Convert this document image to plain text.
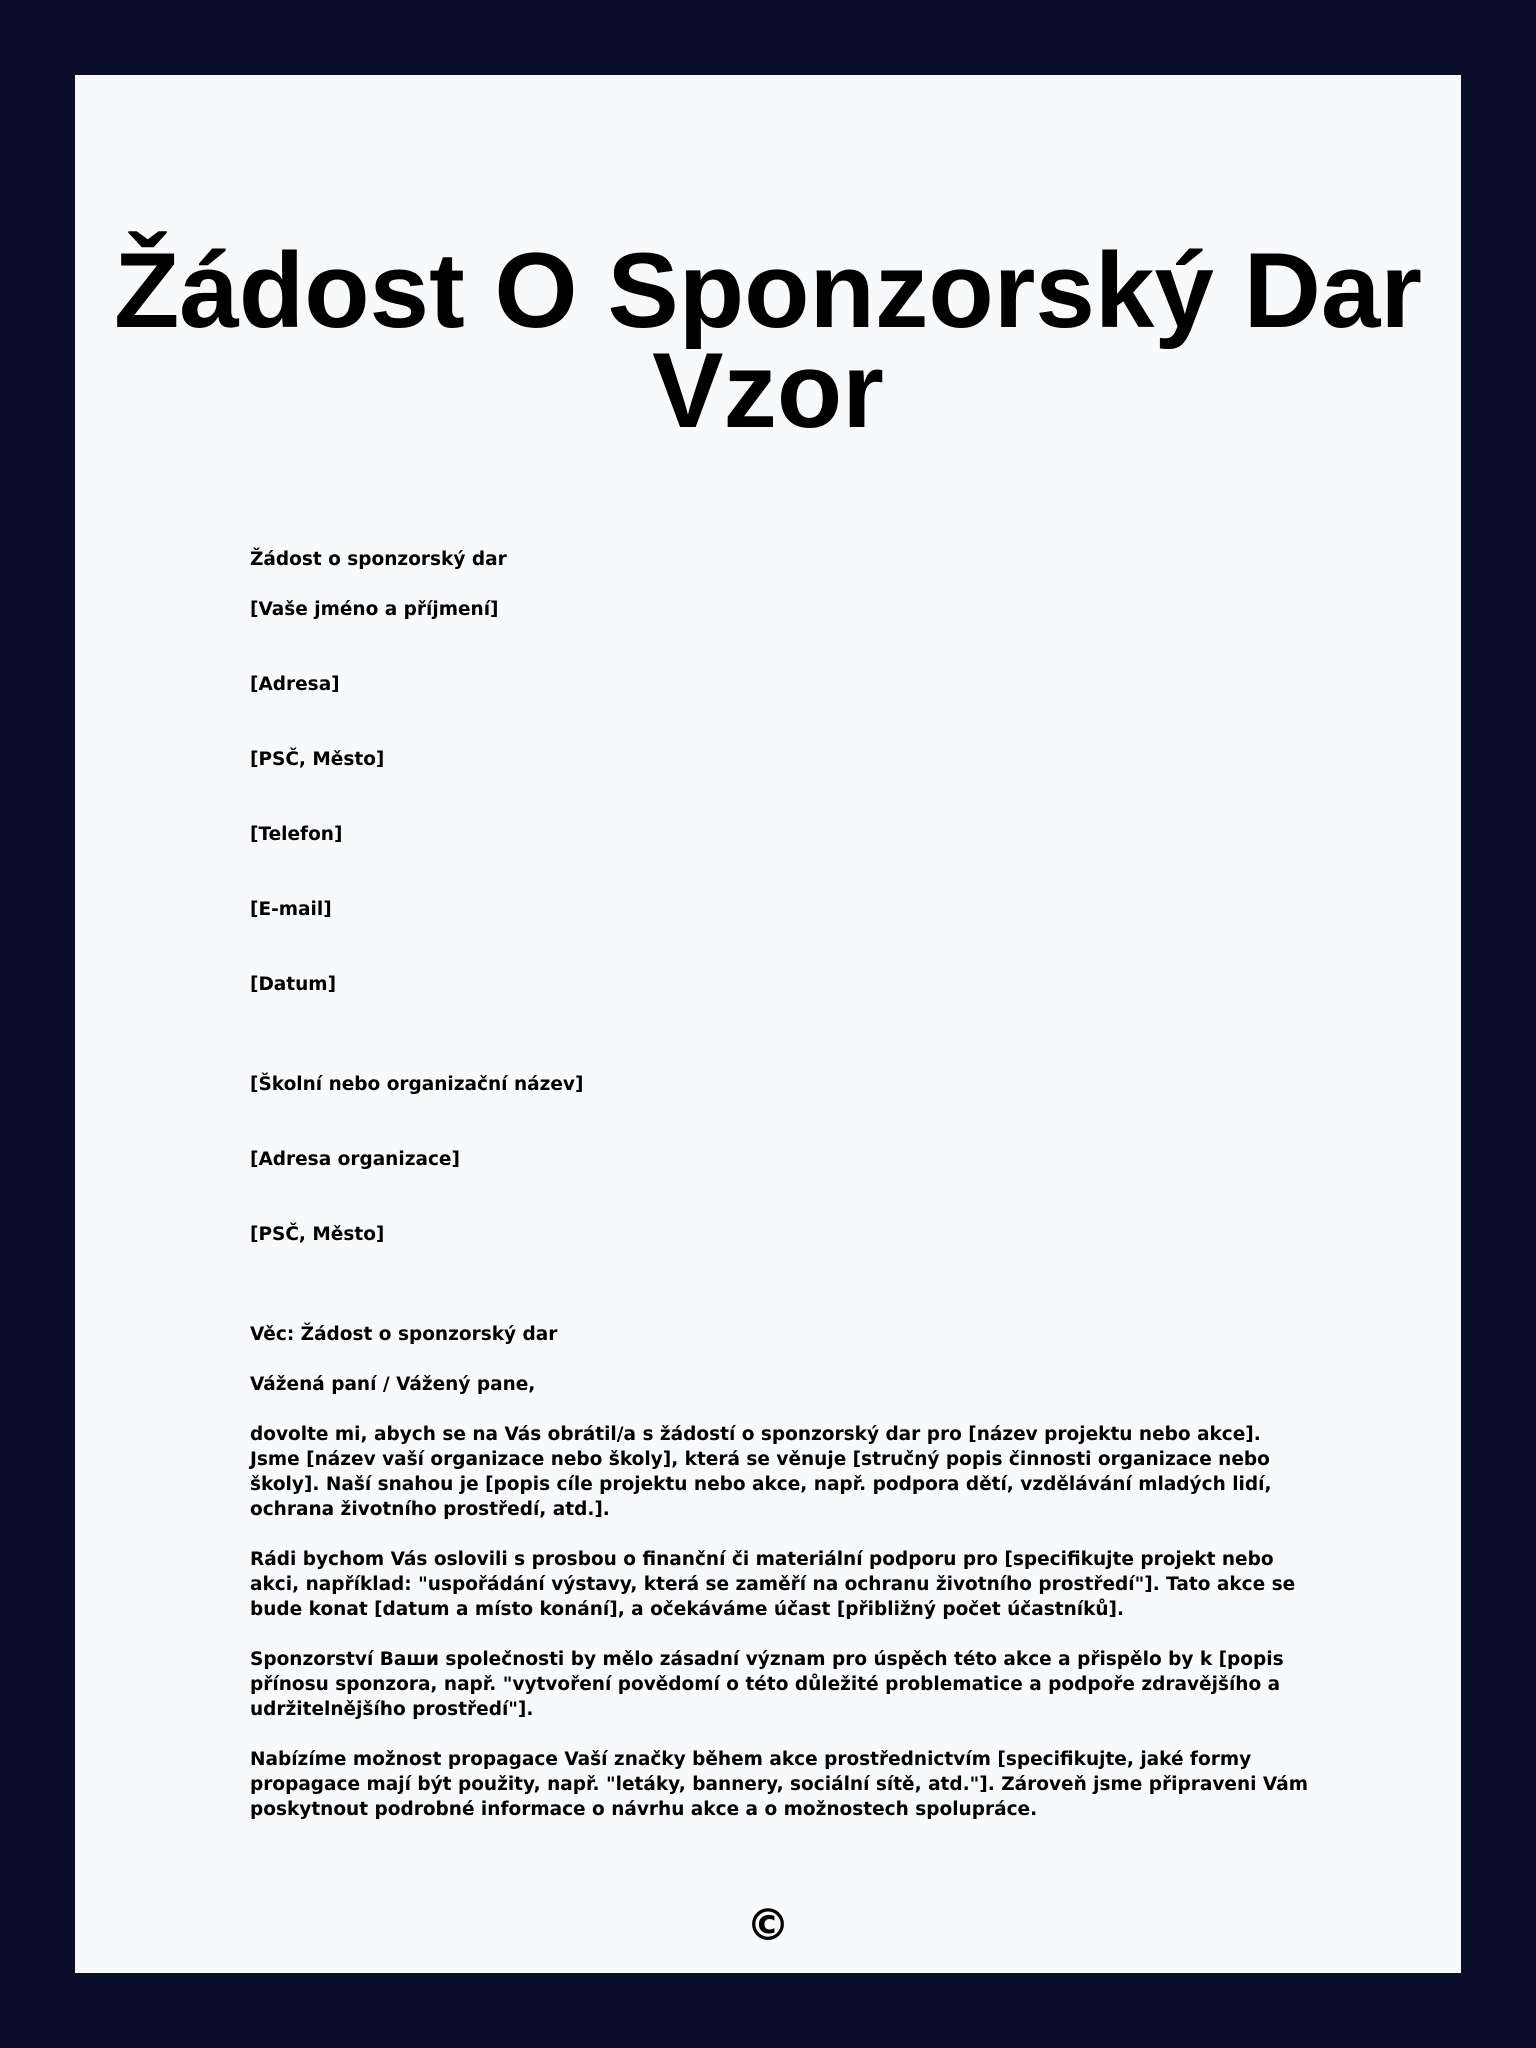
Žádost O Sponzorský Dar Vzor
Žádost o sponzorský dar
[Vaše jméno a příjmení]
[Adresa]
[PSČ, Město]
[Telefon]
[E-mail]
[Datum]
[Školní nebo organizační název]
[Adresa organizace]
[PSČ, Město]
Věc: Žádost o sponzorský dar
Vážená paní / Vážený pane,
dovolte mi, abych se na Vás obrátil/a s žádostí o sponzorský dar pro [název projektu nebo akce]. Jsme [název vaší organizace nebo školy], která se věnuje [stručný popis činnosti organizace nebo školy]. Naší snahou je [popis cíle projektu nebo akce, např. podpora dětí, vzdělávání mladých lidí, ochrana životního prostředí, atd.].
Rádi bychom Vás oslovili s prosbou o finanční či materiální podporu pro [specifikujte projekt nebo akci, například: "uspořádání výstavy, která se zaměří na ochranu životního prostředí"]. Tato akce se bude konat [datum a místo konání], a očekáváme účast [přibližný počet účastníků].
Sponzorství Ваши společnosti by mělo zásadní význam pro úspěch této akce a přispělo by k [popis přínosu sponzora, např. "vytvoření povědomí o této důležité problematice a podpoře zdravějšího a udržitelnějšího prostředí"].
Nabízíme možnost propagace Vaší značky během akce prostřednictvím [specifikujte, jaké formy propagace mají být použity, např. "letáky, bannery, sociální sítě, atd."]. Zároveň jsme připraveni Vám poskytnout podrobné informace o návrhu akce a o možnostech spolupráce.
©
